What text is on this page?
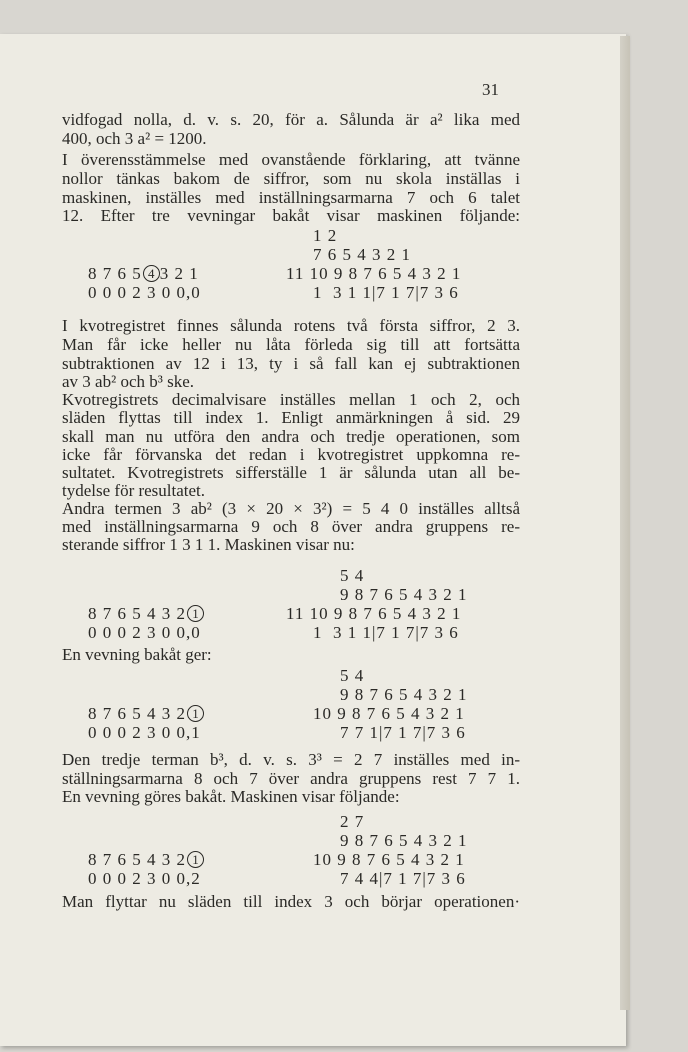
31
vidfogad nolla, d. v. s. 20, för a. Sålunda är a² lika med
400, och 3 a² = 1200.
I överensstämmelse med ovanstående förklaring, att tvänne
nollor tänkas bakom de siffror, som nu skola inställas i
maskinen, inställes med inställningsarmarna 7 och 6 talet
12. Efter tre vevningar bakåt visar maskinen följande:
1 2
7 6 5 4 3 2 1
8 7 6 5 4 3 2 1
0 0 0 2 3 0 0,0
11 10 9 8 7 6 5 4 3 2 1
1  3 1 1|7 1 7|7 3 6
I kvotregistret finnes sålunda rotens två första siffror, 2 3.
Man får icke heller nu låta förleda sig till att fortsätta
subtraktionen av 12 i 13, ty i så fall kan ej subtraktionen
av 3 ab² och b³ ske.
Kvotregistrets decimalvisare inställes mellan 1 och 2, och
släden flyttas till index 1. Enligt anmärkningen å sid. 29
skall man nu utföra den andra och tredje operationen, som
icke får förvanska det redan i kvotregistret uppkomna re-
sultatet. Kvotregistrets sifferställe 1 är sålunda utan all be-
tydelse för resultatet.
Andra termen 3 ab² (3 × 20 × 3²) = 5 4 0 inställes alltså
med inställningsarmarna 9 och 8 över andra gruppens re-
sterande siffror 1 3 1 1. Maskinen visar nu:
5 4
9 8 7 6 5 4 3 2 1
8 7 6 5 4 3 2 1
0 0 0 2 3 0 0,0
11 10 9 8 7 6 5 4 3 2 1
1  3 1 1|7 1 7|7 3 6
En vevning bakåt ger:
5 4
9 8 7 6 5 4 3 2 1
8 7 6 5 4 3 2 1
0 0 0 2 3 0 0,1
10 9 8 7 6 5 4 3 2 1
7 7 1|7 1 7|7 3 6
Den tredje terman b³, d. v. s. 3³ = 2 7 inställes med in-
ställningsarmarna 8 och 7 över andra gruppens rest 7 7 1.
En vevning göres bakåt. Maskinen visar följande:
2 7
9 8 7 6 5 4 3 2 1
8 7 6 5 4 3 2 1
0 0 0 2 3 0 0,2
10 9 8 7 6 5 4 3 2 1
7 4 4|7 1 7|7 3 6
Man flyttar nu släden till index 3 och börjar operationen·
